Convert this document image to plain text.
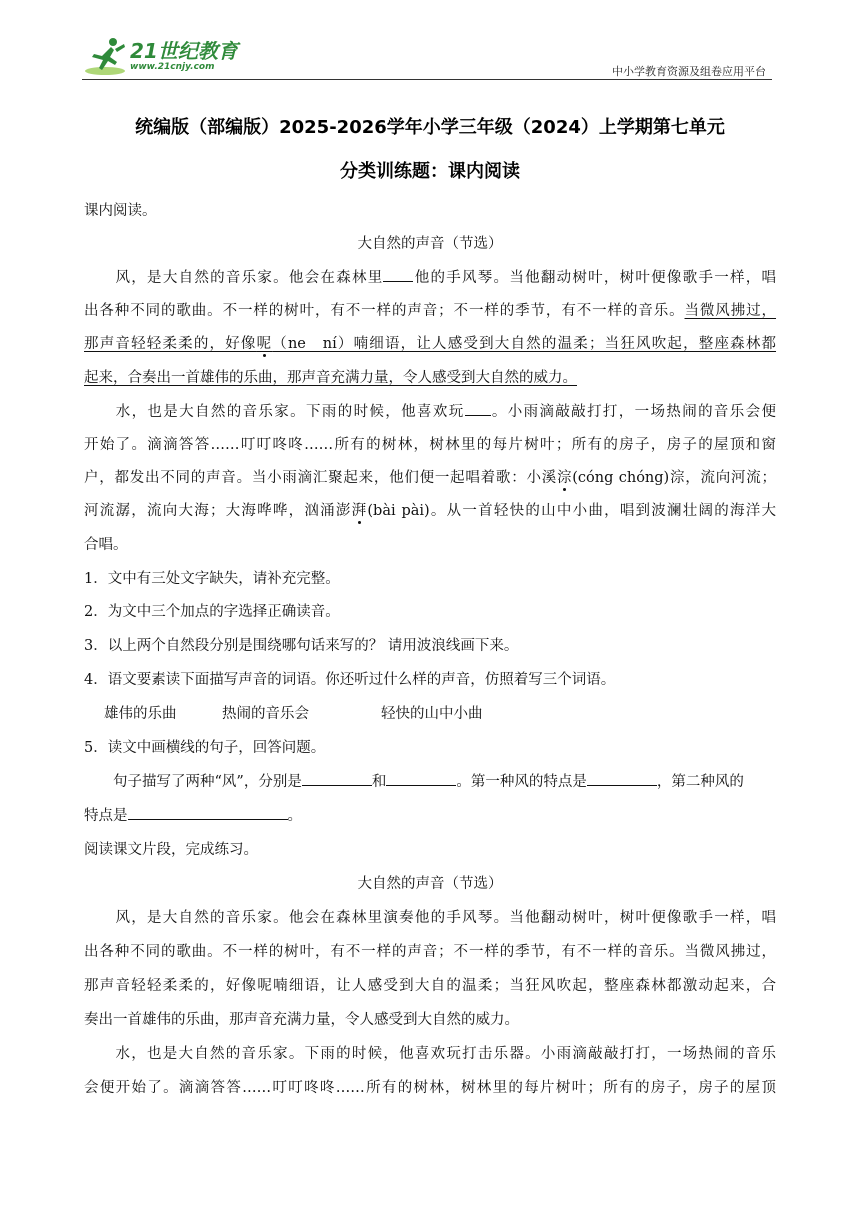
21世纪教育
www.21cnjy.com	中小学教育资源及组卷应用平台
统编版（部编版）2025-2026学年小学三年级（2024）上学期第七单元
分类训练题：课内阅读
课内阅读。
大自然的声音（节选）
　　风，是大自然的音乐家。他会在森林里 他的手风琴。当他翻动树叶，树叶便像歌手一样，唱
出各种不同的歌曲。不一样的树叶，有不一样的声音；不一样的季节，有不一样的音乐。当微风拂过，
那声音轻轻柔柔的，好像呢（ne　ní）喃细语，让人感受到大自然的温柔；当狂风吹起，整座森林都
起来，合奏出一首雄伟的乐曲，那声音充满力量，令人感受到大自然的威力。
　　水，也是大自然的音乐家。下雨的时候，他喜欢玩 。小雨滴敲敲打打，一场热闹的音乐会便
开始了。滴滴答答……叮叮咚咚……所有的树林，树林里的每片树叶；所有的房子，房子的屋顶和窗
户，都发出不同的声音。当小雨滴汇聚起来，他们便一起唱着歌：小溪淙(cóng chóng)淙，流向河流；
河流潺，流向大海；大海哗哗，汹涌澎湃(bài pài)。从一首轻快的山中小曲，唱到波澜壮阔的海洋大
合唱。
1．文中有三处文字缺失，请补充完整。
2．为文中三个加点的字选择正确读音。
3．以上两个自然段分别是围绕哪句话来写的？ 请用波浪线画下来。
4．语文要素读下面描写声音的词语。你还听过什么样的声音，仿照着写三个词语。
雄伟的乐曲	热闹的音乐会	轻快的山中小曲
5．读文中画横线的句子，回答问题。
　　句子描写了两种“风”，分别是	和	。第一种风的特点是	，第二种风的
特点是	。
阅读课文片段，完成练习。
大自然的声音（节选）
　　风，是大自然的音乐家。他会在森林里演奏他的手风琴。当他翻动树叶，树叶便像歌手一样，唱
出各种不同的歌曲。不一样的树叶，有不一样的声音；不一样的季节，有不一样的音乐。当微风拂过，
那声音轻轻柔柔的，好像呢喃细语，让人感受到大自的温柔；当狂风吹起，整座森林都激动起来，合
奏出一首雄伟的乐曲，那声音充满力量，令人感受到大自然的威力。
　　水，也是大自然的音乐家。下雨的时候，他喜欢玩打击乐器。小雨滴敲敲打打，一场热闹的音乐
会便开始了。滴滴答答……叮叮咚咚……所有的树林，树林里的每片树叶；所有的房子，房子的屋顶
